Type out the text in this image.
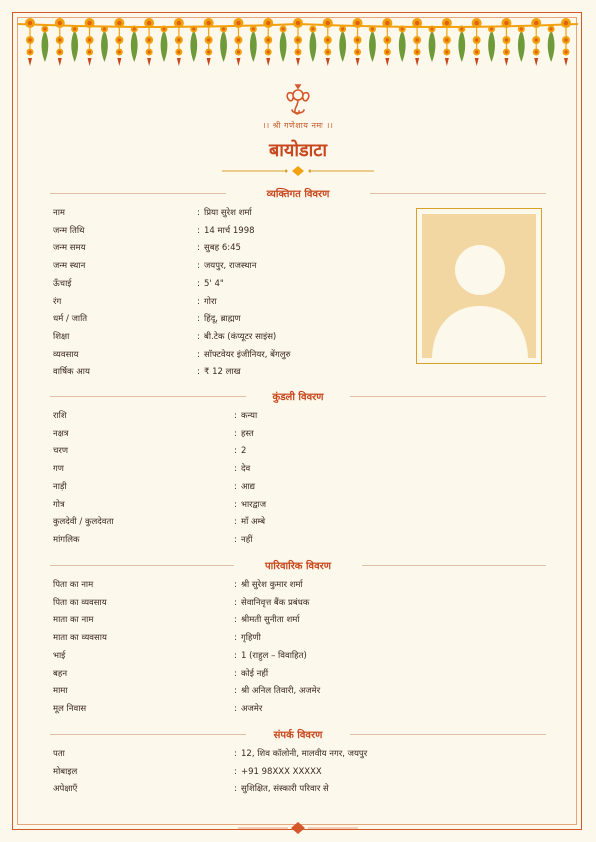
।। श्री गणेशाय नमः ।।
बायोडाटा
व्यक्तिगत विवरण
नाम	: प्रिया सुरेश शर्मा
जन्म तिथि	: 14 मार्च 1998
जन्म समय	: सुबह 6:45
जन्म स्थान	: जयपुर, राजस्थान
ऊँचाई	: 5' 4"
रंग	: गोरा
धर्म / जाति	: हिंदू, ब्राह्मण
शिक्षा	: बी.टेक (कंप्यूटर साइंस)
व्यवसाय	: सॉफ्टवेयर इंजीनियर, बेंगलुरु
वार्षिक आय	: ₹ 12 लाख
कुंडली विवरण
राशि	: कन्या
नक्षत्र	: हस्त
चरण	: 2
गण	: देव
नाड़ी	: आद्य
गोत्र	: भारद्वाज
कुलदेवी / कुलदेवता	: माँ अम्बे
मांगलिक	: नहीं
पारिवारिक विवरण
पिता का नाम	: श्री सुरेश कुमार शर्मा
पिता का व्यवसाय	: सेवानिवृत्त बैंक प्रबंधक
माता का नाम	: श्रीमती सुनीता शर्मा
माता का व्यवसाय	: गृहिणी
भाई	: 1 (राहुल – विवाहित)
बहन	: कोई नहीं
मामा	: श्री अनिल तिवारी, अजमेर
मूल निवास	: अजमेर
संपर्क विवरण
पता	: 12, शिव कॉलोनी, मालवीय नगर, जयपुर
मोबाइल	: +91 98XXX XXXXX
अपेक्षाएँ	: सुशिक्षित, संस्कारी परिवार से
